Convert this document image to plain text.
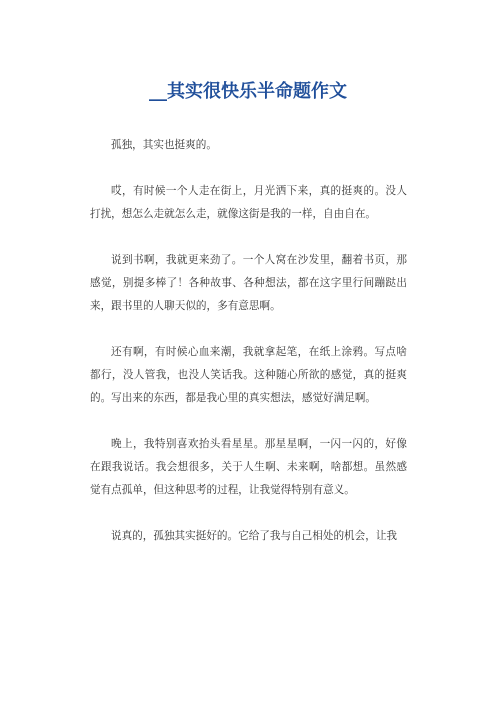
__其实很快乐半命题作文

孤独，其实也挺爽的。

哎，有时候一个人走在街上，月光洒下来，真的挺爽的。没人打扰，想怎么走就怎么走，就像这街是我的一样，自由自在。

说到书啊，我就更来劲了。一个人窝在沙发里，翻着书页，那感觉，别提多棒了！各种故事、各种想法，都在这字里行间蹦跶出来，跟书里的人聊天似的，多有意思啊。

还有啊，有时候心血来潮，我就拿起笔，在纸上涂鸦。写点啥都行，没人管我，也没人笑话我。这种随心所欲的感觉，真的挺爽的。写出来的东西，都是我心里的真实想法，感觉好满足啊。

晚上，我特别喜欢抬头看星星。那星星啊，一闪一闪的，好像在跟我说话。我会想很多，关于人生啊、未来啊，啥都想。虽然感觉有点孤单，但这种思考的过程，让我觉得特别有意义。

说真的，孤独其实挺好的。它给了我与自己相处的机会，让我
